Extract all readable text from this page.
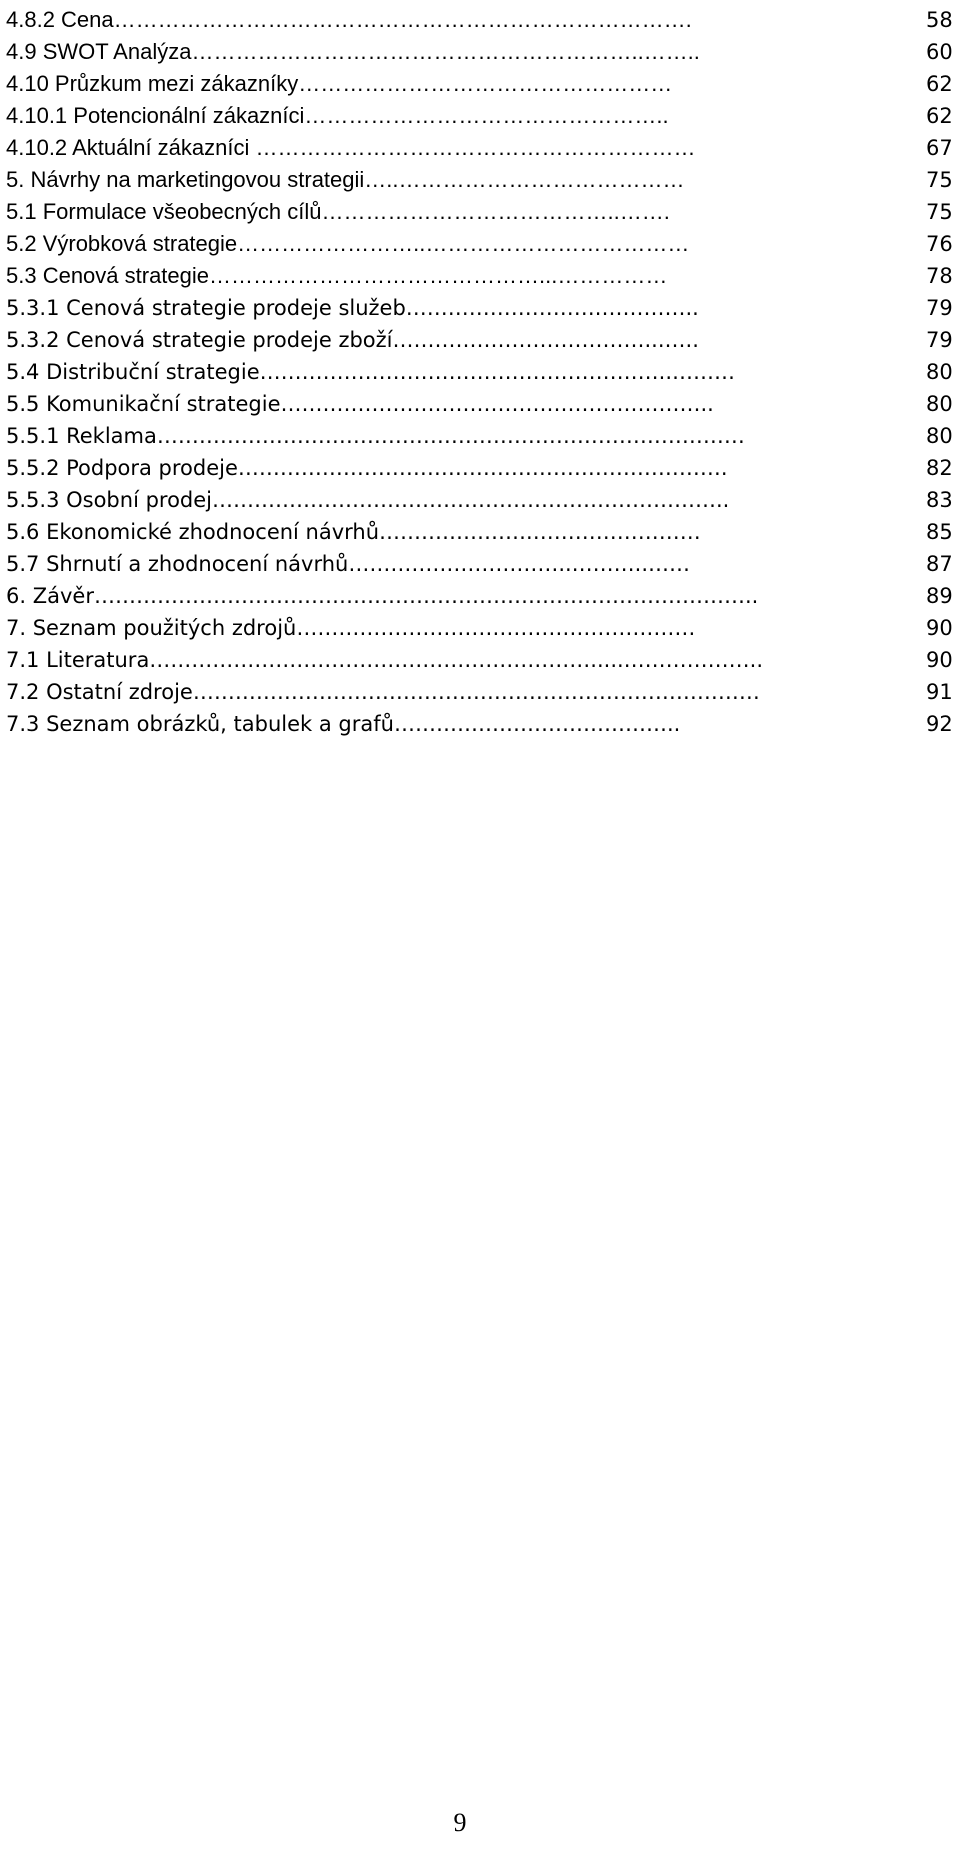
4.8.2 Cena…………………………………………………………………….	58
4.9 SWOT Analýza……………………………………………………..……..	60
4.10 Průzkum mezi zákazníky……………………………………………	62
4.10.1 Potencionální zákazníci…………………………………………..	62
4.10.2 Aktuální zákazníci ……………………………………………………	67
5. Návrhy na marketingovou strategii…..…………………………………	75
5.1 Formulace všeobecných cílů…………………………………..…….	75
5.2 Výrobková strategie……………………..………………………………	76
5.3 Cenová strategie………………………………………...……………	78
5.3.1 Cenová strategie prodeje služeb……………………….…………..	79
5.3.2 Cenová strategie prodeje zboží………………………………...…..	79
5.4 Distribuční strategie…………………………………………………..………	80
5.5 Komunikační strategie……………………………………………………..	80
5.5.1 Reklama…………………………………………………………………………	80
5.5.2 Podpora prodeje…………………………………………………………….	82
5.5.3 Osobní prodej………………………………………………………………..	83
5.6 Ekonomické zhodnocení návrhů………………….……………………	85
5.7 Shrnutí a zhodnocení návrhů…………………………..………..……	87
6. Závěr…………………………………………………………………………………..	89
7. Seznam použitých zdrojů…………………………………………………	90
7.1 Literatura……………………………………………………….....………………..	90
7.2 Ostatní zdroje………………………………………………………………………	91
7.3 Seznam obrázků, tabulek a grafů…………………………………..	92
9
